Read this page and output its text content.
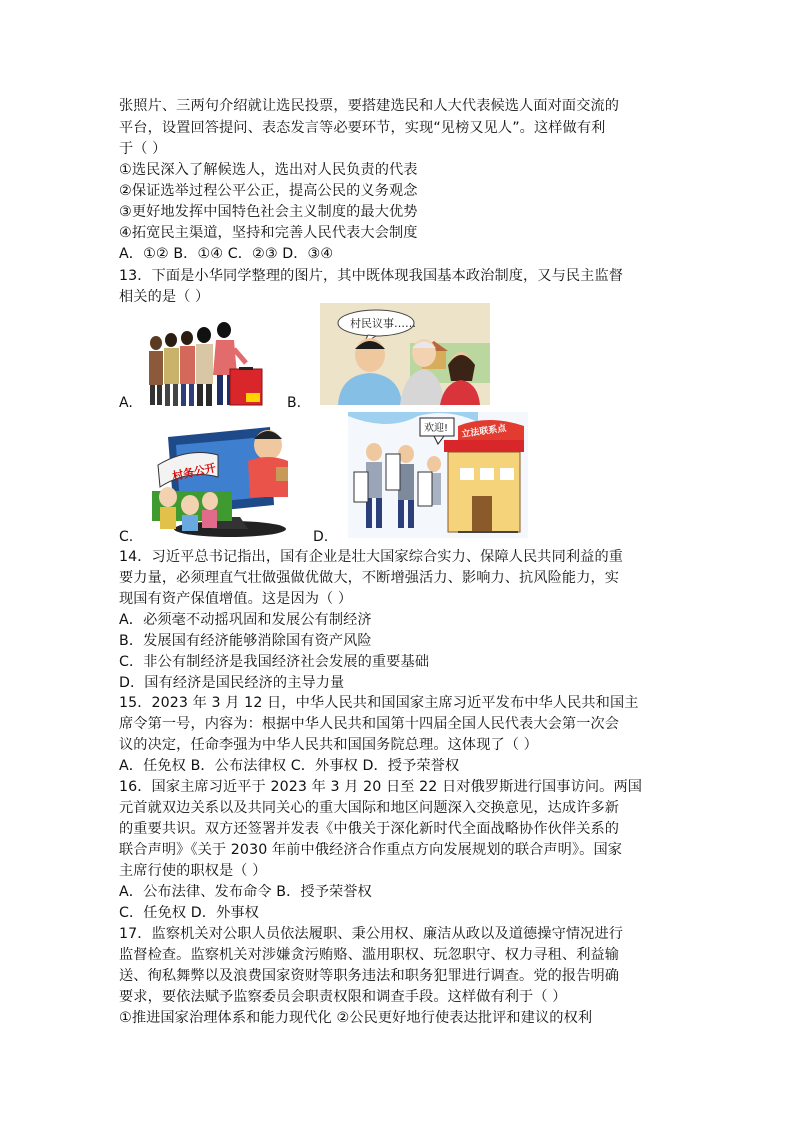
张照片、三两句介绍就让选民投票，要搭建选民和人大代表候选人面对面交流的
平台，设置回答提问、表态发言等必要环节，实现“见榜又见人”。这样做有利
于（ ）
①选民深入了解候选人，选出对人民负责的代表
②保证选举过程公平公正，提高公民的义务观念
③更好地发挥中国特色社会主义制度的最大优势
④拓宽民主渠道，坚持和完善人民代表大会制度
A．①② B．①④ C．②③ D．③④
13．下面是小华同学整理的图片，其中既体现我国基本政治制度，又与民主监督
相关的是（ ）
A.	B.
C.	D.
村民议事……
村务公开
欢迎! 立法联系点
14．习近平总书记指出，国有企业是壮大国家综合实力、保障人民共同利益的重
要力量，必须理直气壮做强做优做大，不断增强活力、影响力、抗风险能力，实
现国有资产保值增值。这是因为（ ）
A．必须毫不动摇巩固和发展公有制经济
B．发展国有经济能够消除国有资产风险
C．非公有制经济是我国经济社会发展的重要基础
D．国有经济是国民经济的主导力量
15．2023 年 3 月 12 日，中华人民共和国国家主席习近平发布中华人民共和国主
席令第一号，内容为：根据中华人民共和国第十四届全国人民代表大会第一次会
议的决定，任命李强为中华人民共和国国务院总理。这体现了（ ）
A．任免权 B．公布法律权 C．外事权 D．授予荣誉权
16．国家主席习近平于 2023 年 3 月 20 日至 22 日对俄罗斯进行国事访问。两国
元首就双边关系以及共同关心的重大国际和地区问题深入交换意见，达成许多新
的重要共识。双方还签署并发表《中俄关于深化新时代全面战略协作伙伴关系的
联合声明》《关于 2030 年前中俄经济合作重点方向发展规划的联合声明》。国家
主席行使的职权是（ ）
A．公布法律、发布命令 B．授予荣誉权
C．任免权 D．外事权
17．监察机关对公职人员依法履职、秉公用权、廉洁从政以及道德操守情况进行
监督检查。监察机关对涉嫌贪污贿赂、滥用职权、玩忽职守、权力寻租、利益输
送、徇私舞弊以及浪费国家资财等职务违法和职务犯罪进行调查。党的报告明确
要求，要依法赋予监察委员会职责权限和调查手段。这样做有利于（ ）
①推进国家治理体系和能力现代化 ②公民更好地行使表达批评和建议的权利
